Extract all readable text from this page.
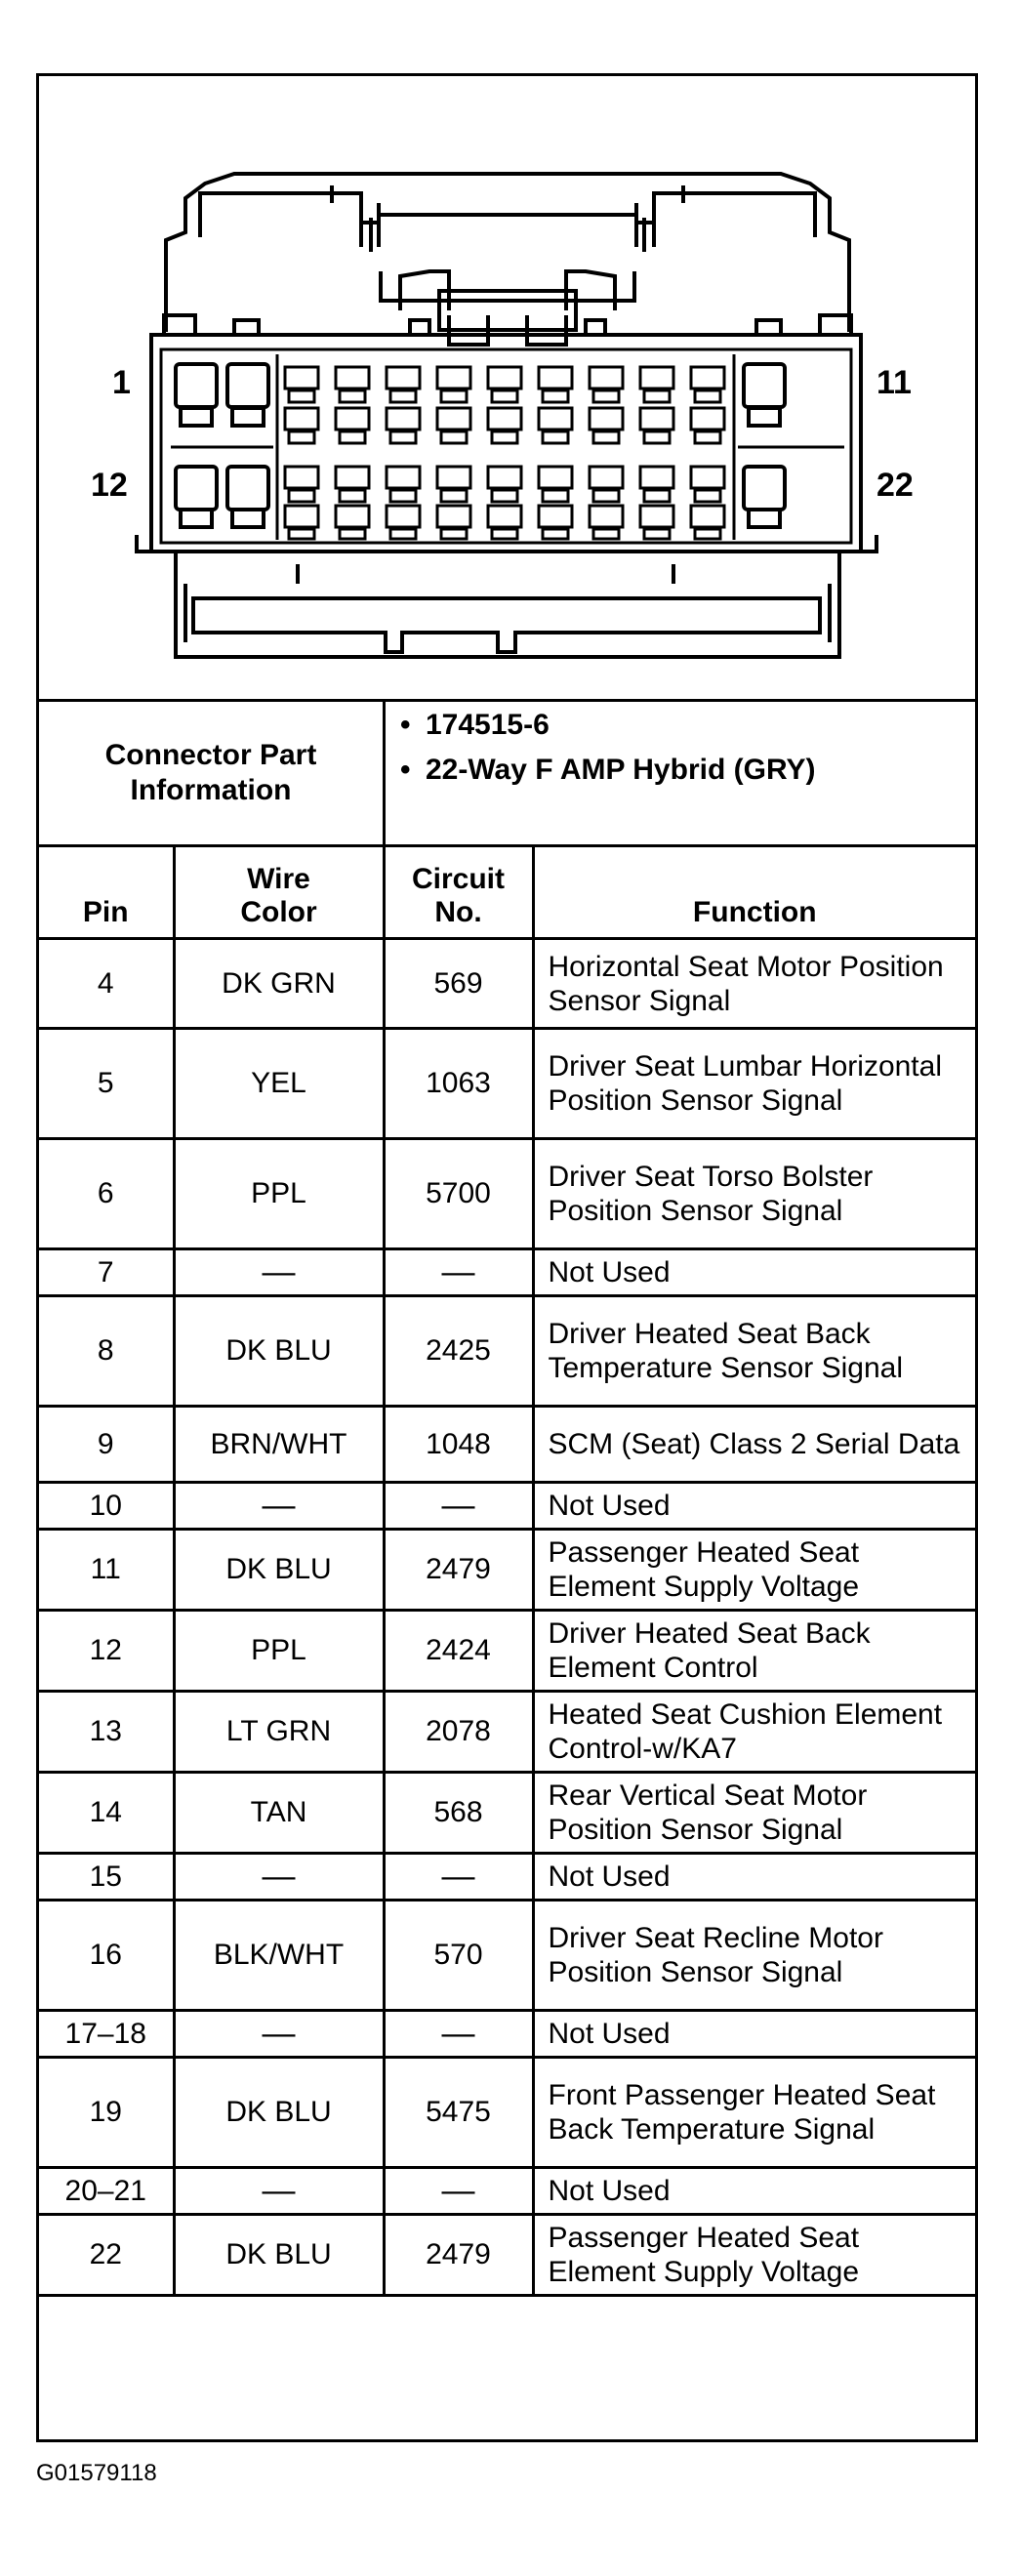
1
12
11
22
Connector Part Information
• 174515-6
• 22-Way F AMP Hybrid (GRY)
Pin	Wire Color	Circuit No.	Function
4	DK GRN	569	Horizontal Seat Motor Position Sensor Signal
5	YEL	1063	Driver Seat Lumbar Horizontal Position Sensor Signal
6	PPL	5700	Driver Seat Torso Bolster Position Sensor Signal
7	—	—	Not Used
8	DK BLU	2425	Driver Heated Seat Back Temperature Sensor Signal
9	BRN/WHT	1048	SCM (Seat) Class 2 Serial Data
10	—	—	Not Used
11	DK BLU	2479	Passenger Heated Seat Element Supply Voltage
12	PPL	2424	Driver Heated Seat Back Element Control
13	LT GRN	2078	Heated Seat Cushion Element Control-w/KA7
14	TAN	568	Rear Vertical Seat Motor Position Sensor Signal
15	—	—	Not Used
16	BLK/WHT	570	Driver Seat Recline Motor Position Sensor Signal
17–18	—	—	Not Used
19	DK BLU	5475	Front Passenger Heated Seat Back Temperature Signal
20–21	—	—	Not Used
22	DK BLU	2479	Passenger Heated Seat Element Supply Voltage
G01579118
